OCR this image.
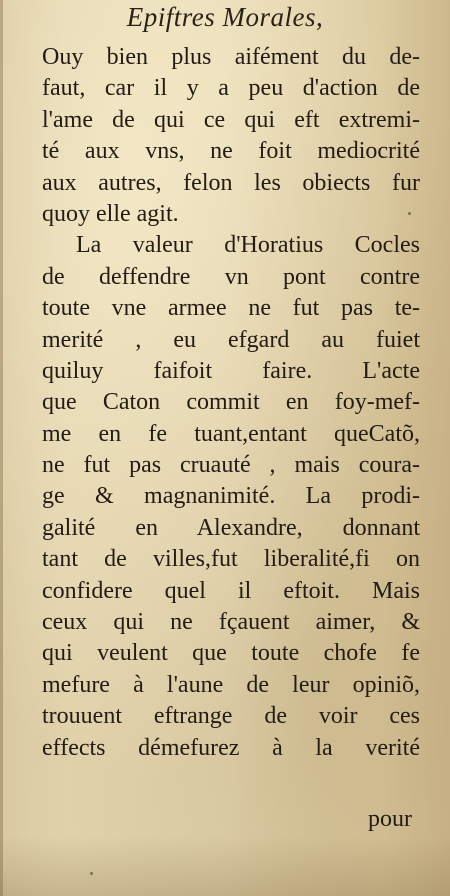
Epiftres Morales,
Ouy bien plus aifément du de-
faut, car il y a peu d'action de
l'ame de qui ce qui eft extremi-
té aux vns, ne foit mediocrité
aux autres, felon les obiects fur
quoy elle agit.
La valeur d'Horatius Cocles
de deffendre vn pont contre
toute vne armee ne fut pas te-
merité , eu efgard au fuiet
quiluy faifoit faire. L'acte
que Caton commit en foy-mef-
me en fe tuant,entant queCatõ,
ne fut pas cruauté , mais coura-
ge & magnanimité. La prodi-
galité en Alexandre, donnant
tant de villes,fut liberalité,fi on
confidere quel il eftoit. Mais
ceux qui ne fçauent aimer, &
qui veulent que toute chofe fe
mefure à l'aune de leur opiniõ,
trouuent eftrange de voir ces
effects démefurez à la verité
pour
